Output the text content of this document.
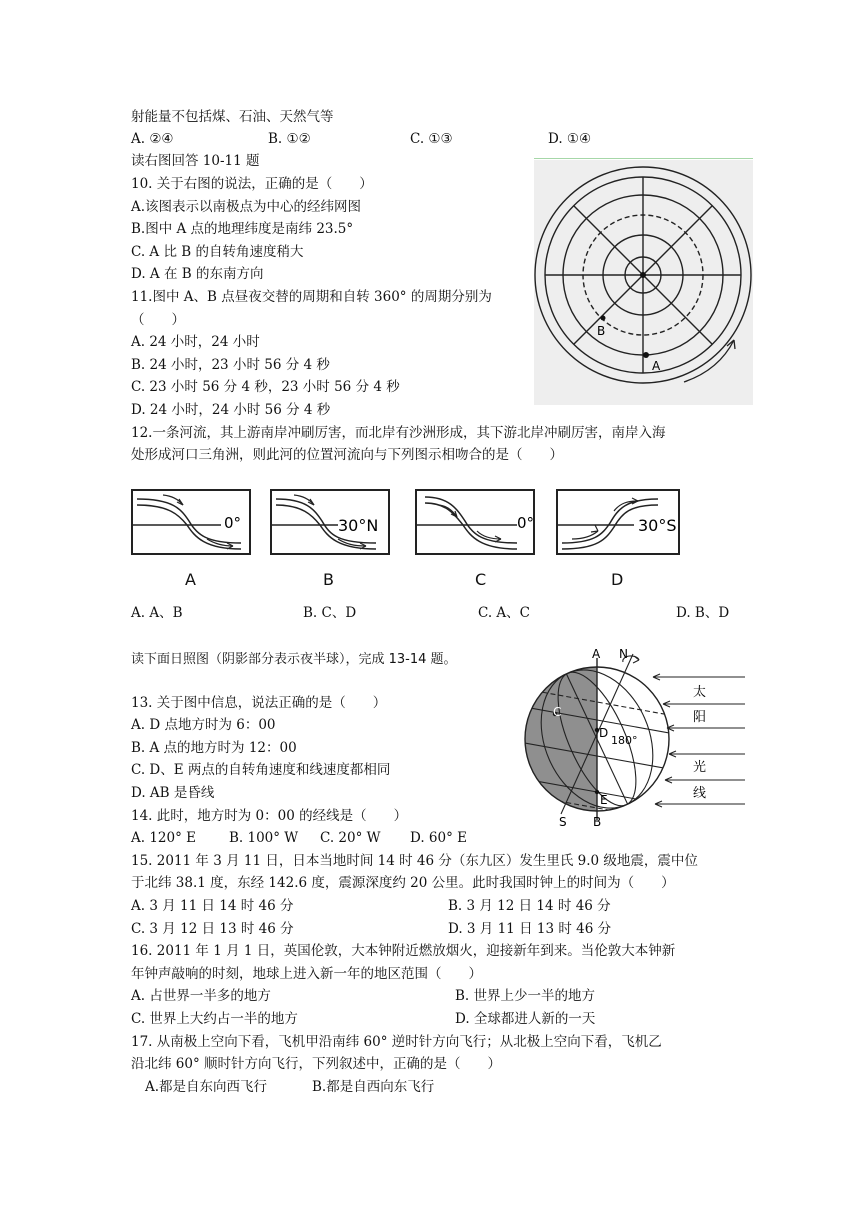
射能量不包括煤、石油、天然气等
A. ②④	B. ①②	C. ①③	D. ①④
读右图回答 10-11 题
10. 关于右图的说法，正确的是（　　）
A.该图表示以南极点为中心的经纬网图
B.图中 A 点的地理纬度是南纬 23.5°
C. A 比 B 的自转角速度稍大
D. A 在 B 的东南方向
11.图中 A、B 点昼夜交替的周期和自转 360° 的周期分别为
（　　）
A. 24 小时，24 小时
B. 24 小时，23 小时 56 分 4 秒
C. 23 小时 56 分 4 秒，23 小时 56 分 4 秒
D. 24 小时，24 小时 56 分 4 秒
B
A
12.一条河流，其上游南岸冲刷厉害，而北岸有沙洲形成，其下游北岸冲刷厉害，南岸入海
处形成河口三角洲，则此河的位置河流向与下列图示相吻合的是（　　）
0°
A
30°N
B
0°
C
30°S
D
A. A、B	B. C、D	C. A、C	D. B、D
读下面日照图（阴影部分表示夜半球），完成 13-14 题。	A N
C
D
180°
E
S B
太
阳
光
线
13. 关于图中信息，说法正确的是（　　）
A. D 点地方时为 6：00
B. A 点的地方时为 12：00
C. D、E 两点的自转角速度和线速度都相同
D. AB 是昏线
14. 此时，地方时为 0：00 的经线是（　　）
A. 120° E B. 100° W C. 20° W D. 60° E
15. 2011 年 3 月 11 日，日本当地时间 14 时 46 分（东九区）发生里氏 9.0 级地震，震中位
于北纬 38.1 度，东经 142.6 度，震源深度约 20 公里。此时我国时钟上的时间为（　　）
A. 3 月 11 日 14 时 46 分	B. 3 月 12 日 14 时 46 分
C. 3 月 12 日 13 时 46 分	D. 3 月 11 日 13 时 46 分
16. 2011 年 1 月 1 日，英国伦敦，大本钟附近燃放烟火，迎接新年到来。当伦敦大本钟新
年钟声敲响的时刻，地球上进入新一年的地区范围（　　）
A. 占世界一半多的地方	B. 世界上少一半的地方
C. 世界上大约占一半的地方	D. 全球都进人新的一天
17. 从南极上空向下看，飞机甲沿南纬 60° 逆时针方向飞行；从北极上空向下看，飞机乙
沿北纬 60° 顺时针方向飞行，下列叙述中，正确的是（　　）
A.都是自东向西飞行	B.都是自西向东飞行
